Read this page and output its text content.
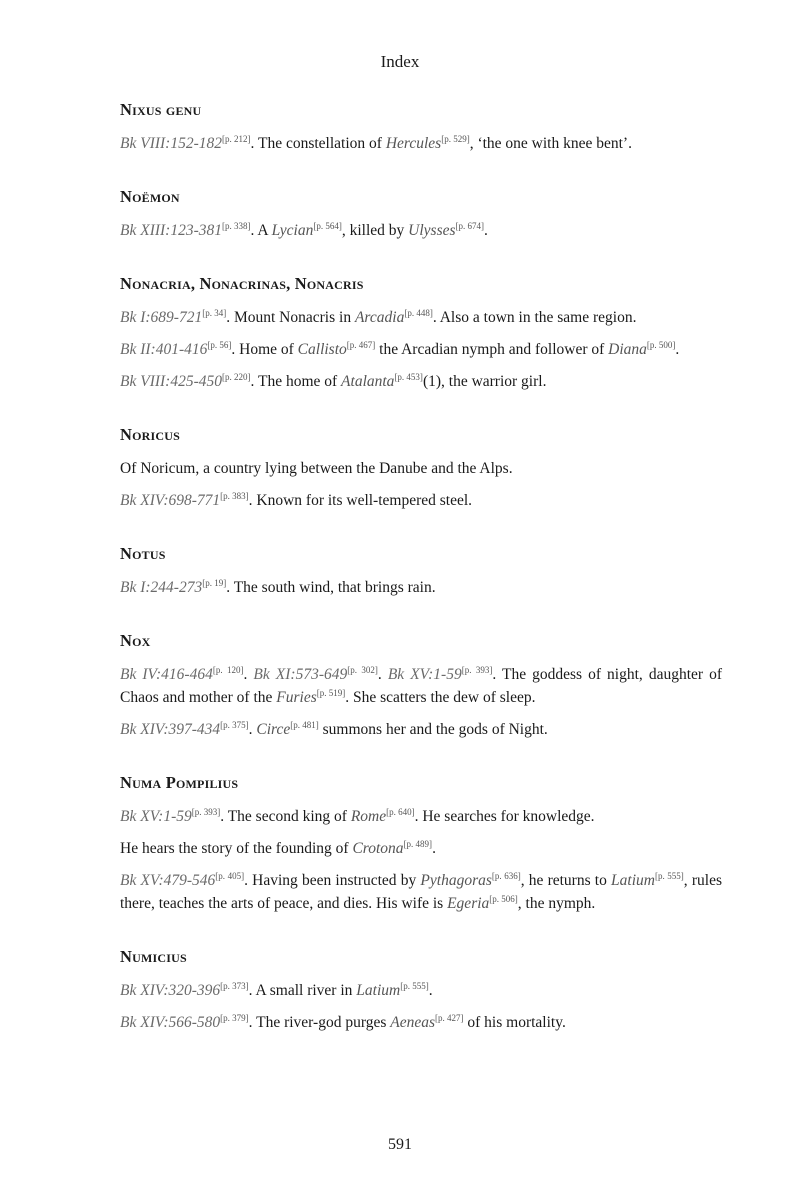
Index
Nixus genu
Bk VIII:152-182[p. 212]. The constellation of Hercules[p. 529], ‘the one with knee bent’.
Noëmon
Bk XIII:123-381[p. 338]. A Lycian[p. 564], killed by Ulysses[p. 674].
Nonacria, Nonacrinas, Nonacris
Bk I:689-721[p. 34]. Mount Nonacris in Arcadia[p. 448]. Also a town in the same region.
Bk II:401-416[p. 56]. Home of Callisto[p. 467] the Arcadian nymph and follower of Diana[p. 500].
Bk VIII:425-450[p. 220]. The home of Atalanta[p. 453](1), the warrior girl.
Noricus
Of Noricum, a country lying between the Danube and the Alps.
Bk XIV:698-771[p. 383]. Known for its well-tempered steel.
Notus
Bk I:244-273[p. 19]. The south wind, that brings rain.
Nox
Bk IV:416-464[p. 120]. Bk XI:573-649[p. 302]. Bk XV:1-59[p. 393]. The goddess of night, daughter of Chaos and mother of the Furies[p. 519]. She scatters the dew of sleep.
Bk XIV:397-434[p. 375]. Circe[p. 481] summons her and the gods of Night.
Numa Pompilius
Bk XV:1-59[p. 393]. The second king of Rome[p. 640]. He searches for knowledge.
He hears the story of the founding of Crotona[p. 489].
Bk XV:479-546[p. 405]. Having been instructed by Pythagoras[p. 636], he returns to Latium[p. 555], rules there, teaches the arts of peace, and dies. His wife is Egeria[p. 506], the nymph.
Numicius
Bk XIV:320-396[p. 373]. A small river in Latium[p. 555].
Bk XIV:566-580[p. 379]. The river-god purges Aeneas[p. 427] of his mortality.
591
